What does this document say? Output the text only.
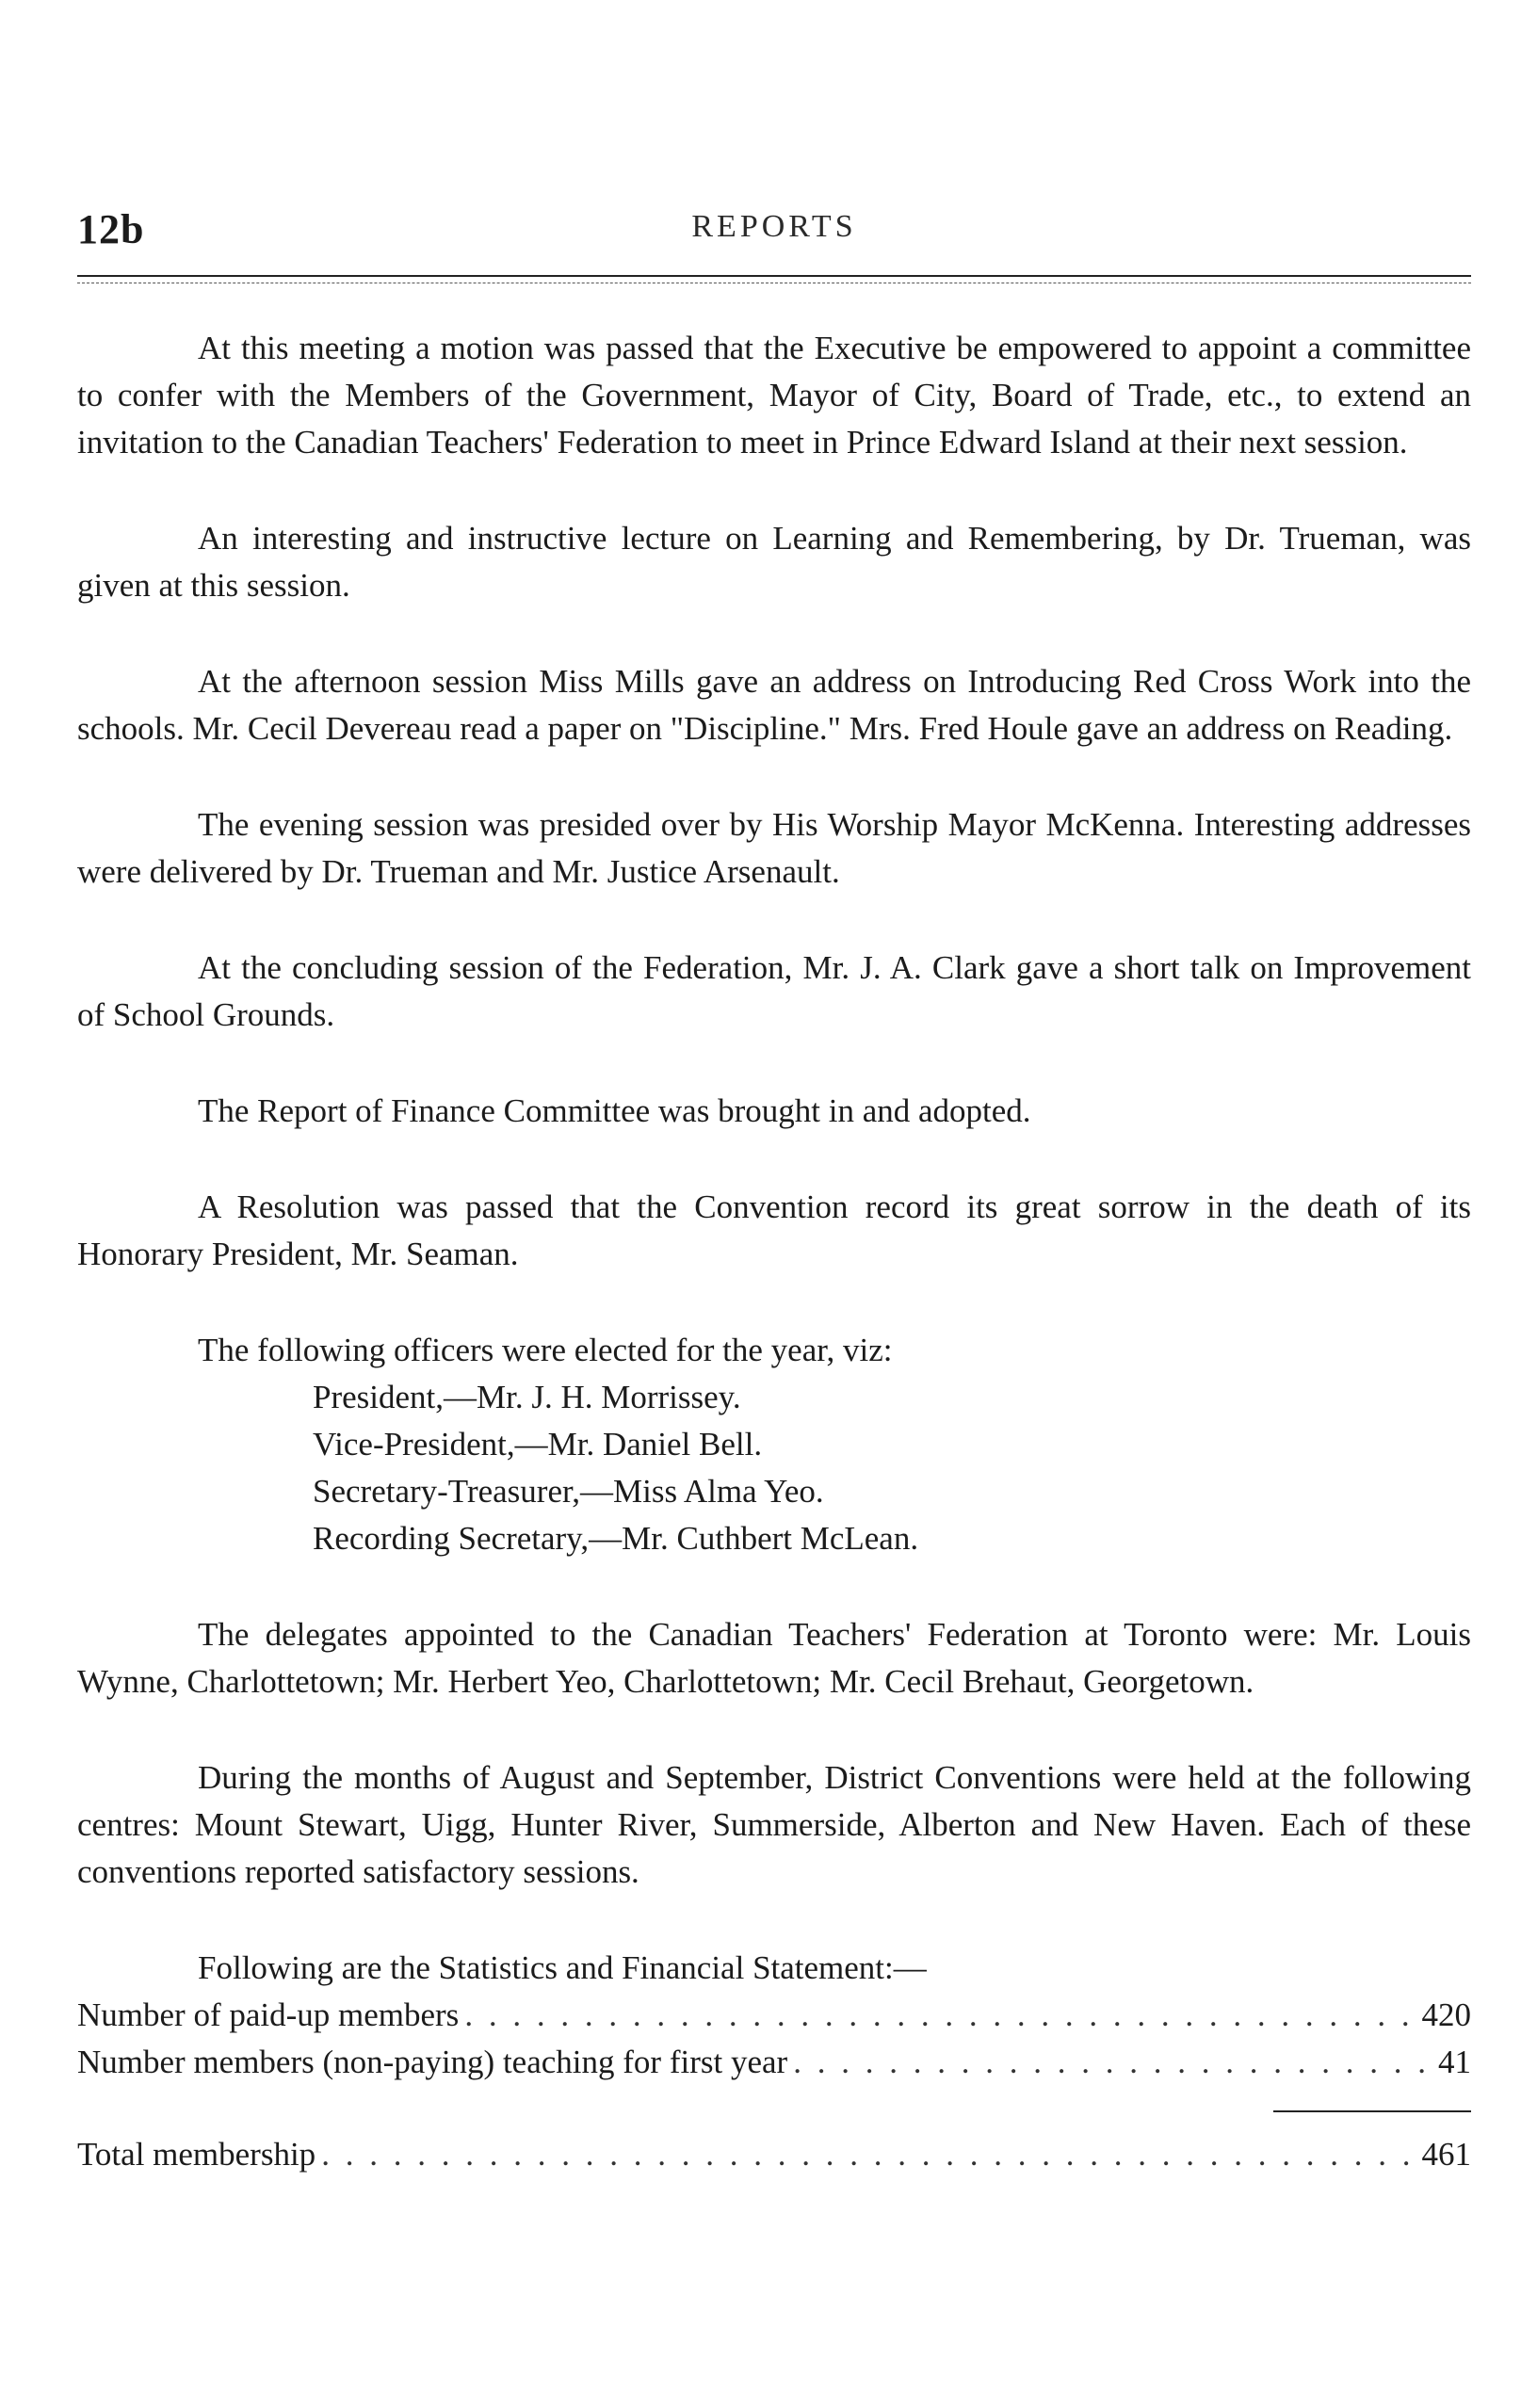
12b	REPORTS

At this meeting a motion was passed that the Executive be empowered to appoint a committee to confer with the Members of the Government, Mayor of City, Board of Trade, etc., to extend an invitation to the Canadian Teachers' Federation to meet in Prince Edward Island at their next session.

An interesting and instructive lecture on Learning and Remembering, by Dr. Trueman, was given at this session.

At the afternoon session Miss Mills gave an address on Introducing Red Cross Work into the schools. Mr. Cecil Devereau read a paper on "Discipline." Mrs. Fred Houle gave an address on Reading.

The evening session was presided over by His Worship Mayor McKenna. Interesting addresses were delivered by Dr. Trueman and Mr. Justice Arsenault.

At the concluding session of the Federation, Mr. J. A. Clark gave a short talk on Improvement of School Grounds.

The Report of Finance Committee was brought in and adopted.

A Resolution was passed that the Convention record its great sorrow in the death of its Honorary President, Mr. Seaman.

The following officers were elected for the year, viz:

President,—Mr. J. H. Morrissey.
Vice-President,—Mr. Daniel Bell.
Secretary-Treasurer,—Miss Alma Yeo.
Recording Secretary,—Mr. Cuthbert McLean.

The delegates appointed to the Canadian Teachers' Federation at Toronto were: Mr. Louis Wynne, Charlottetown; Mr. Herbert Yeo, Charlottetown; Mr. Cecil Brehaut, Georgetown.

During the months of August and September, District Conventions were held at the following centres: Mount Stewart, Uigg, Hunter River, Summerside, Alberton and New Haven. Each of these conventions reported satisfactory sessions.

Following are the Statistics and Financial Statement:—

Number of paid-up members . . .	420
Number members (non-paying) teaching for first year . . .	41
Total membership . . .	461
